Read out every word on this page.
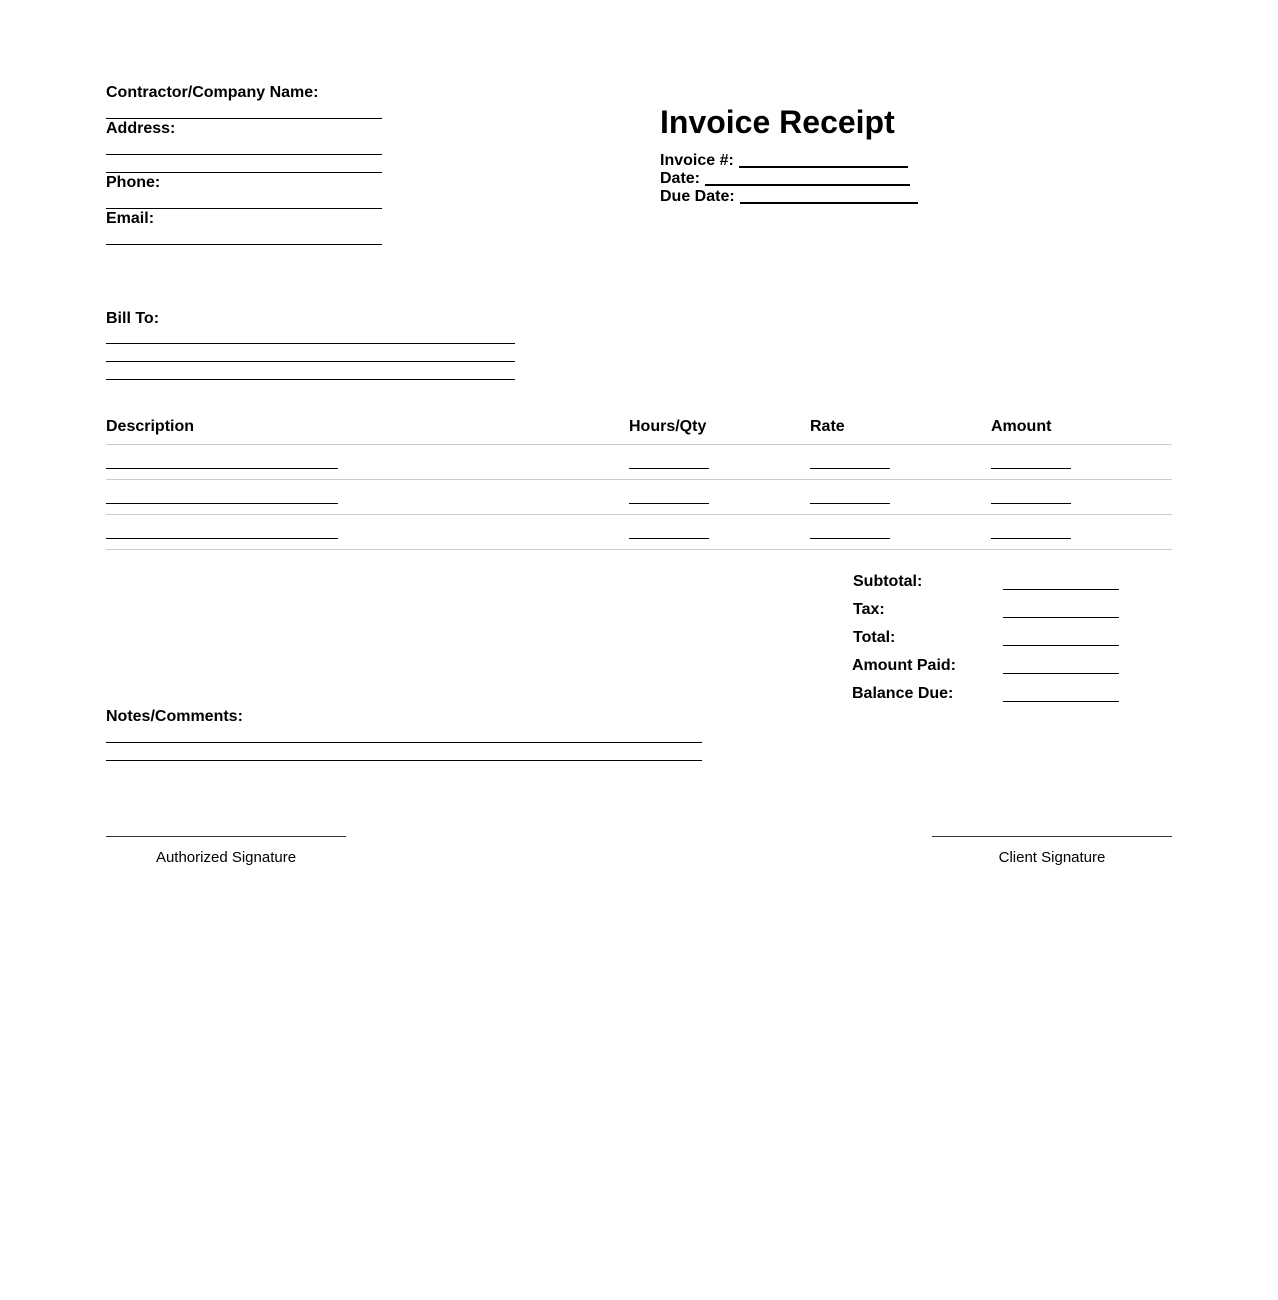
Contractor/Company Name:
Address:
Phone:
Email:
Invoice Receipt
Invoice #:
Date:
Due Date:
Bill To:
Description	Hours/Qty	Rate	Amount
Subtotal:
Tax:
Total:
Amount Paid:
Balance Due:
Notes/Comments:
Authorized Signature	Client Signature
